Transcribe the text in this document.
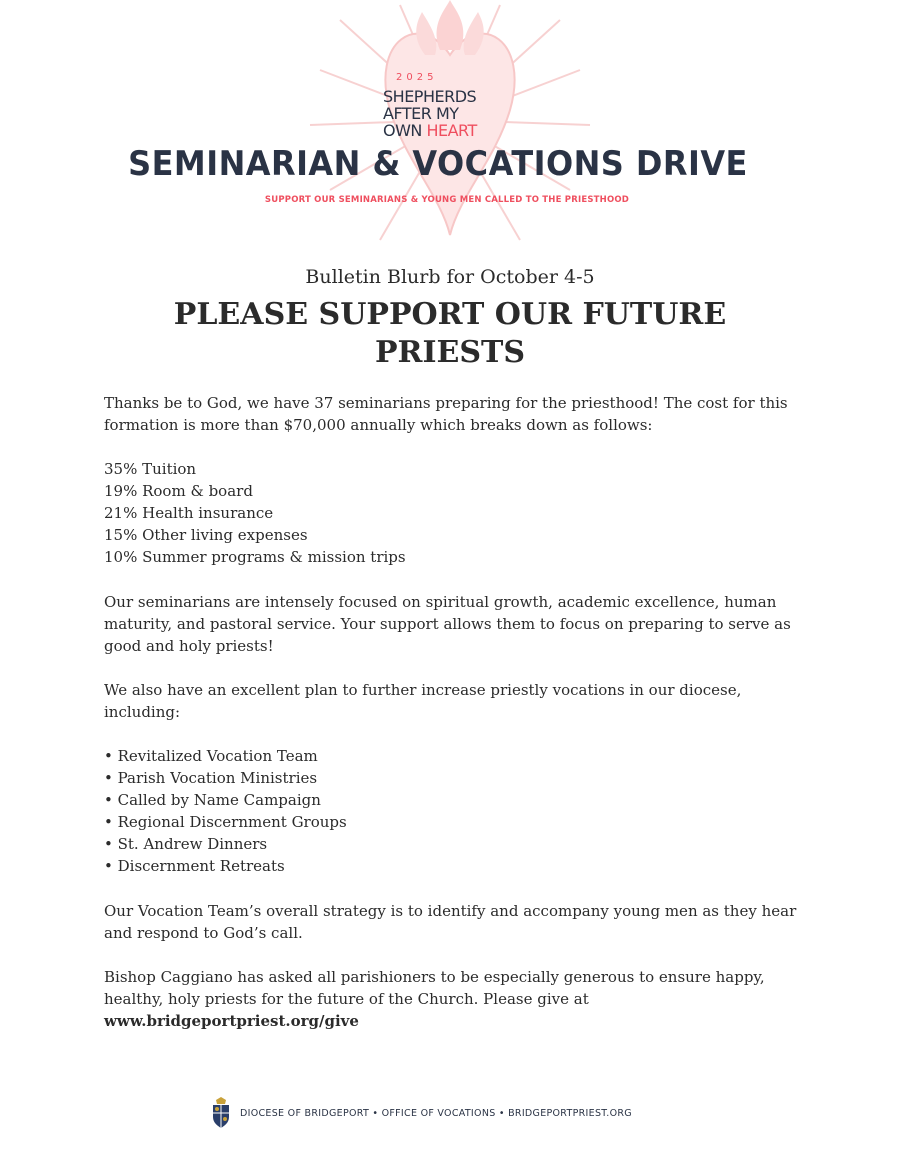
2025
SHEPHERDS
AFTER MY
OWN HEART
SEMINARIAN & VOCATIONS DRIVE
SUPPORT OUR SEMINARIANS & YOUNG MEN CALLED TO THE PRIESTHOOD
Bulletin Blurb for October 4-5
PLEASE SUPPORT OUR FUTURE PRIESTS

Thanks be to God, we have 37 seminarians preparing for the priesthood! The cost for this formation is more than $70,000 annually which breaks down as follows:

35% Tuition
19% Room & board
21% Health insurance
15% Other living expenses
10% Summer programs & mission trips

Our seminarians are intensely focused on spiritual growth, academic excellence, human maturity, and pastoral service. Your support allows them to focus on preparing to serve as good and holy priests!

We also have an excellent plan to further increase priestly vocations in our diocese, including:

• Revitalized Vocation Team
• Parish Vocation Ministries
• Called by Name Campaign
• Regional Discernment Groups
• St. Andrew Dinners
• Discernment Retreats

Our Vocation Team’s overall strategy is to identify and accompany young men as they hear and respond to God’s call.

Bishop Caggiano has asked all parishioners to be especially generous to ensure happy, healthy, holy priests for the future of the Church. Please give at
www.bridgeportpriest.org/give

DIOCESE OF BRIDGEPORT • OFFICE OF VOCATIONS • BRIDGEPORTPRIEST.ORG
